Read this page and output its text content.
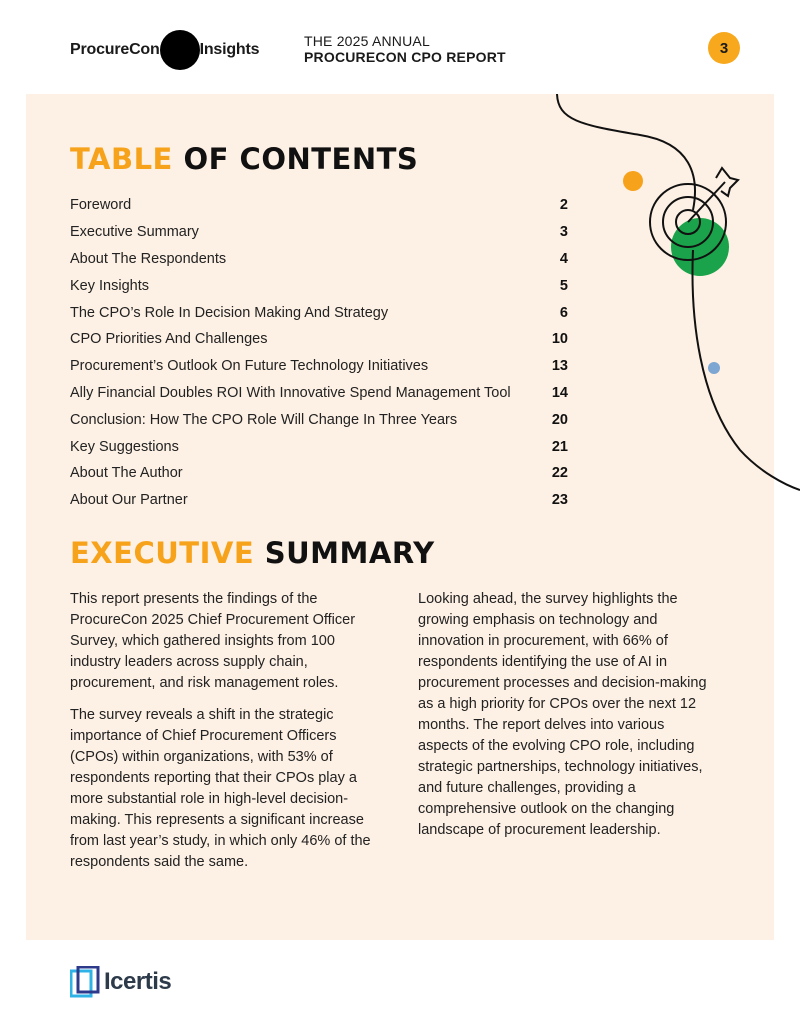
ProcureCon	Insights	THE 2025 ANNUAL
PROCURECON CPO REPORT
3
TABLE OF CONTENTS
Foreword	2
Executive Summary	3
About The Respondents	4
Key Insights	5
The CPO’s Role In Decision Making And Strategy	6
CPO Priorities And Challenges	10
Procurement’s Outlook On Future Technology Initiatives	13
Ally Financial Doubles ROI With Innovative Spend Management Tool	14
Conclusion: How The CPO Role Will Change In Three Years	20
Key Suggestions	21
About The Author	22
About Our Partner	23
EXECUTIVE SUMMARY

This report presents the findings of the ProcureCon 2025 Chief Procurement Officer Survey, which gathered insights from 100 industry leaders across supply chain, procurement, and risk management roles.

The survey reveals a shift in the strategic importance of Chief Procurement Officers (CPOs) within organizations, with 53% of respondents reporting that their CPOs play a more substantial role in high-level decision-making. This represents a significant increase from last year’s study, in which only 46% of the respondents said the same.

Looking ahead, the survey highlights the growing emphasis on technology and innovation in procurement, with 66% of respondents identifying the use of AI in procurement processes and decision-making as a high priority for CPOs over the next 12 months. The report delves into various aspects of the evolving CPO role, including strategic partnerships, technology initiatives, and future challenges, providing a comprehensive outlook on the changing landscape of procurement leadership.

Icertis
